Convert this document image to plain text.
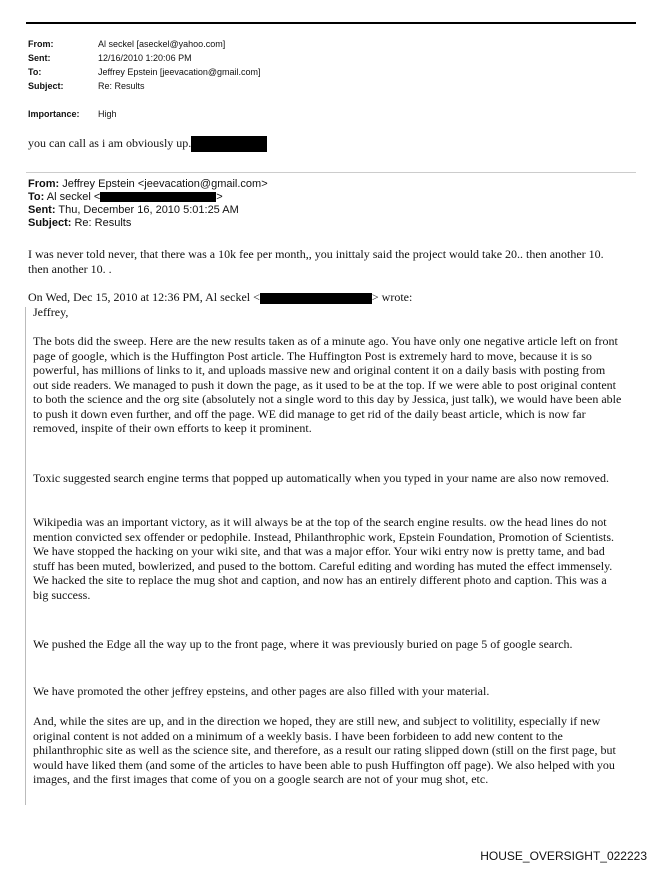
From:	Al seckel [aseckel@yahoo.com]
Sent:	12/16/2010 1:20:06 PM
To:	Jeffrey Epstein [jeevacation@gmail.com]
Subject:	Re: Results
Importance: High
you can call as i am obviously up.
From: Jeffrey Epstein <jeevacation@gmail.com>
To: Al seckel <	>
Sent: Thu, December 16, 2010 5:01:25 AM
Subject: Re: Results
I was never told never, that there was a 10k fee per month,, you inittaly said the project would take 20.. then another 10. then another 10. .
On Wed, Dec 15, 2010 at 12:36 PM, Al seckel <	> wrote:
Jeffrey,
The bots did the sweep. Here are the new results taken as of a minute ago. You have only one negative article left on front page of google, which is the Huffington Post article. The Huffington Post is extremely hard to move, because it is so powerful, has millions of links to it, and uploads massive new and original content it on a daily basis with posting from out side readers. We managed to push it down the page, as it used to be at the top. If we were able to post original content to both the science and the org site (absolutely not a single word to this day by Jessica, just talk), we would have been able to push it down even further, and off the page. WE did manage to get rid of the daily beast article, which is now far removed, inspite of their own efforts to keep it prominent.
Toxic suggested search engine terms that popped up automatically when you typed in your name are also now removed.
Wikipedia was an important victory, as it will always be at the top of the search engine results. ow the head lines do not mention convicted sex offender or pedophile. Instead, Philanthrophic work, Epstein Foundation, Promotion of Scientists. We have stopped the hacking on your wiki site, and that was a major effor. Your wiki entry now is pretty tame, and bad stuff has been muted, bowlerized, and pused to the bottom. Careful editing and wording has muted the effect immensely. We hacked the site to replace the mug shot and caption, and now has an entirely different photo and caption. This was a big success.
We pushed the Edge all the way up to the front page, where it was previously buried on page 5 of google search.
We have promoted the other jeffrey epsteins, and other pages are also filled with your material.
And, while the sites are up, and in the direction we hoped, they are still new, and subject to volitility, especially if new original content is not added on a minimum of a weekly basis. I have been forbideen to add new content to the philanthrophic site as well as the science site, and therefore, as a result our rating slipped down (still on the first page, but would have liked them (and some of the articles to have been able to push Huffington off page). We also helped with you images, and the first images that come of you on a google search are not of your mug shot, etc.
HOUSE_OVERSIGHT_022223
